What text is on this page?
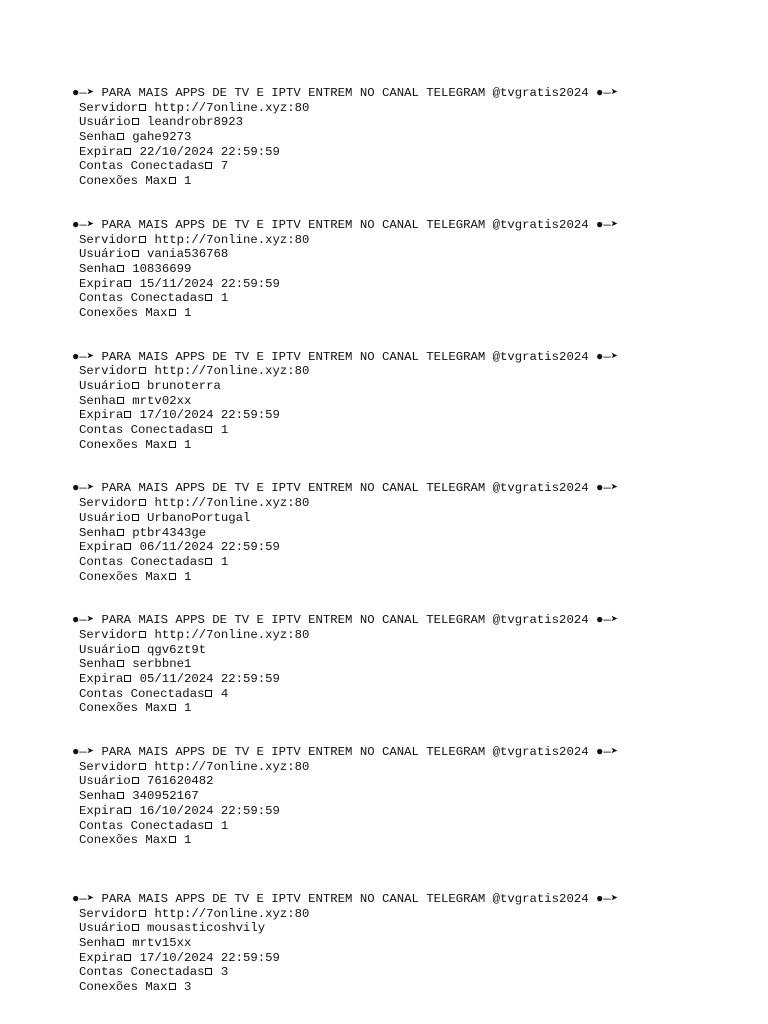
●—➤ PARA MAIS APPS DE TV E IPTV ENTREM NO CANAL TELEGRAM @tvgratis2024 ●—➤
Servidor http://7online.xyz:80
Usuário leandrobr8923
Senha gahe9273
Expira 22/10/2024 22:59:59
Contas Conectadas 7
Conexões Max 1
●—➤ PARA MAIS APPS DE TV E IPTV ENTREM NO CANAL TELEGRAM @tvgratis2024 ●—➤
Servidor http://7online.xyz:80
Usuário vania536768
Senha 10836699
Expira 15/11/2024 22:59:59
Contas Conectadas 1
Conexões Max 1
●—➤ PARA MAIS APPS DE TV E IPTV ENTREM NO CANAL TELEGRAM @tvgratis2024 ●—➤
Servidor http://7online.xyz:80
Usuário brunoterra
Senha mrtv02xx
Expira 17/10/2024 22:59:59
Contas Conectadas 1
Conexões Max 1
●—➤ PARA MAIS APPS DE TV E IPTV ENTREM NO CANAL TELEGRAM @tvgratis2024 ●—➤
Servidor http://7online.xyz:80
Usuário UrbanoPortugal
Senha ptbr4343ge
Expira 06/11/2024 22:59:59
Contas Conectadas 1
Conexões Max 1
●—➤ PARA MAIS APPS DE TV E IPTV ENTREM NO CANAL TELEGRAM @tvgratis2024 ●—➤
Servidor http://7online.xyz:80
Usuário qgv6zt9t
Senha serbbne1
Expira 05/11/2024 22:59:59
Contas Conectadas 4
Conexões Max 1
●—➤ PARA MAIS APPS DE TV E IPTV ENTREM NO CANAL TELEGRAM @tvgratis2024 ●—➤
Servidor http://7online.xyz:80
Usuário 761620482
Senha 340952167
Expira 16/10/2024 22:59:59
Contas Conectadas 1
Conexões Max 1
●—➤ PARA MAIS APPS DE TV E IPTV ENTREM NO CANAL TELEGRAM @tvgratis2024 ●—➤
Servidor http://7online.xyz:80
Usuário mousasticoshvily
Senha mrtv15xx
Expira 17/10/2024 22:59:59
Contas Conectadas 3
Conexões Max 3
